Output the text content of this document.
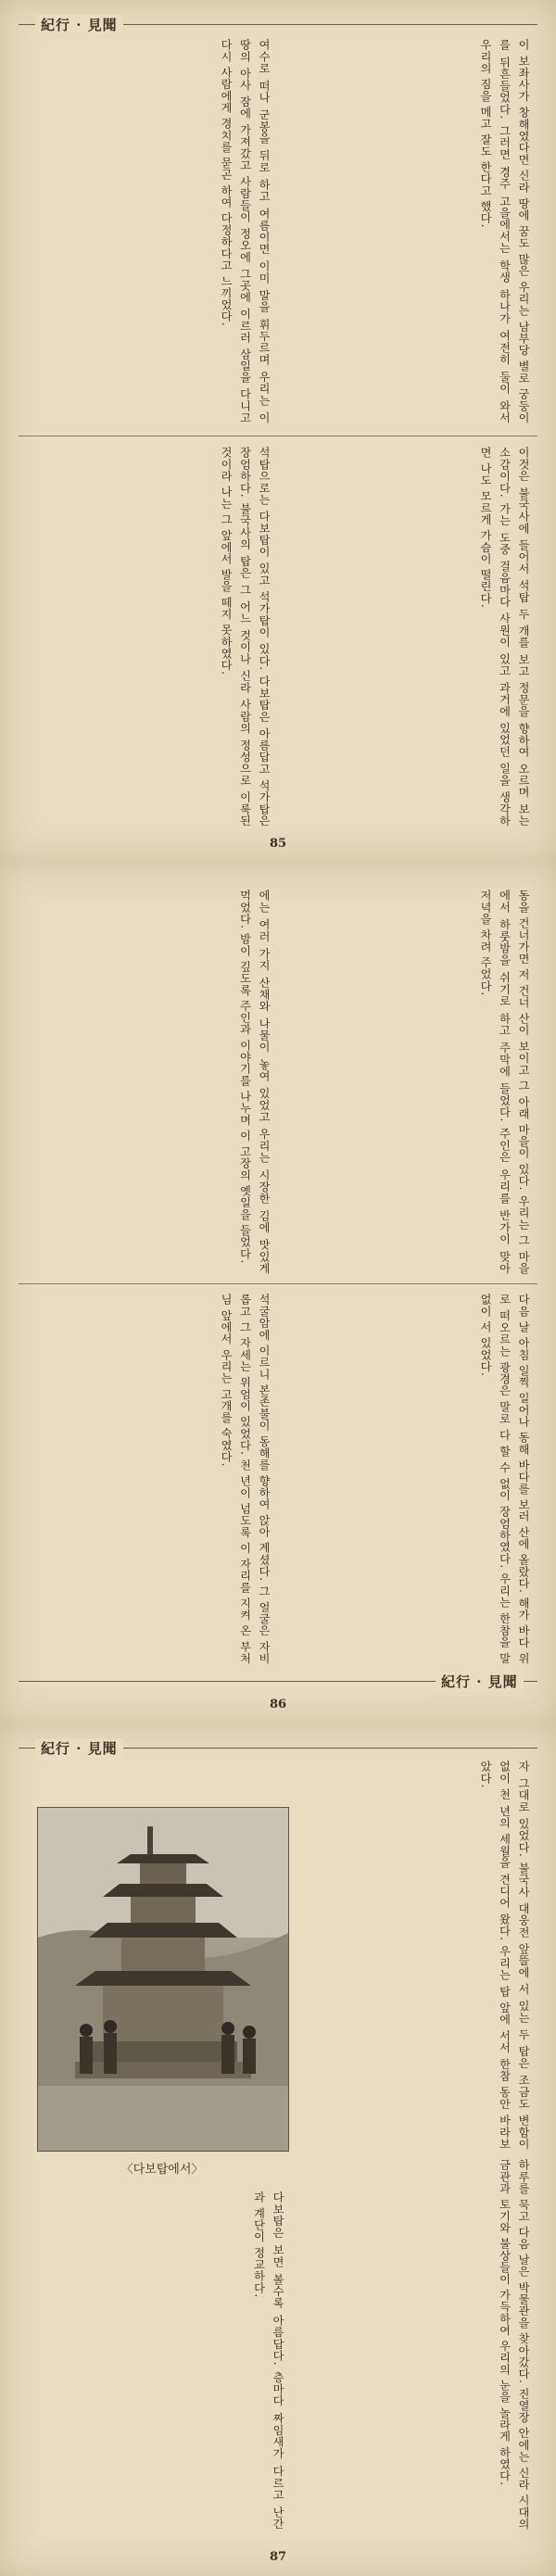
紀行 · 見聞
이 보좌사가 창해였다면 신라 땅에 꿈도 많은 우리는 남부당 별로 궁둥이를 뒤흔들었다. 그러면 경주 고을에서는 학생 하나가 여전히 둘이 와서 우리의 짐을 메고 잘도 한다고 했다.
여수로 떠나 군봉을 뒤로 하고 여름이면 이미 말을 휘두르며 우리는 이 땅의 아사 잠에 가져갔고 사람들이 정오에 그곳에 이르러 삼일을 다니고 다시 사람에게 경치를 묻곤 하여 다정하다고 느끼었다.
이것은 불국사에 들어서 석탑 두 개를 보고 정문을 향하여 오르며 보는 소감이다. 가는 도중 걸음마다 사원이 있고 과거에 있었던 일을 생각하면 나도 모르게 가슴이 떨린다.
석탑으로는 다보탑이 있고 석가탑이 있다. 다보탑은 아름답고 석가탑은 장엄하다. 불국사의 탑은 그 어느 것이나 신라 사람의 정성으로 이룩된 것이라 나는 그 앞에서 발을 떼지 못하였다.
85
동을 건너가면 저 건너 산이 보이고 그 아래 마을이 있다. 우리는 그 마을에서 하룻밤을 쉬기로 하고 주막에 들었다. 주인은 우리를 반가이 맞아 저녁을 차려 주었다.
에는 여러 가지 산채와 나물이 놓여 있었고 우리는 시장한 김에 맛있게 먹었다. 밤이 깊도록 주인과 이야기를 나누며 이 고장의 옛일을 들었다.
다음 날 아침 일찍 일어나 동해 바다를 보러 산에 올랐다. 해가 바다 위로 떠오르는 광경은 말로 다 할 수 없이 장엄하였다. 우리는 한참을 말없이 서 있었다.
석굴암에 이르니 본존불이 동해를 향하여 앉아 계셨다. 그 얼굴은 자비롭고 그 자세는 위엄이 있었다. 천 년이 넘도록 이 자리를 지켜 온 부처님 앞에서 우리는 고개를 숙였다.
紀行 · 見聞
86
紀行 · 見聞
〈다보탑에서〉
자 그대로 있었다. 불국사 대웅전 앞뜰에 서 있는 두 탑은 조금도 변함이 없이 천 년의 세월을 견디어 왔다. 우리는 탑 앞에 서서 한참 동안 바라보았다.
하루를 묵고 다음 날은 박물관을 찾아갔다. 진열장 안에는 신라 시대의 금관과 토기와 불상들이 가득하여 우리의 눈을 놀라게 하였다.
다보탑은 보면 볼수록 아름답다. 층마다 짜임새가 다르고 난간과 계단이 정교하다.
87
